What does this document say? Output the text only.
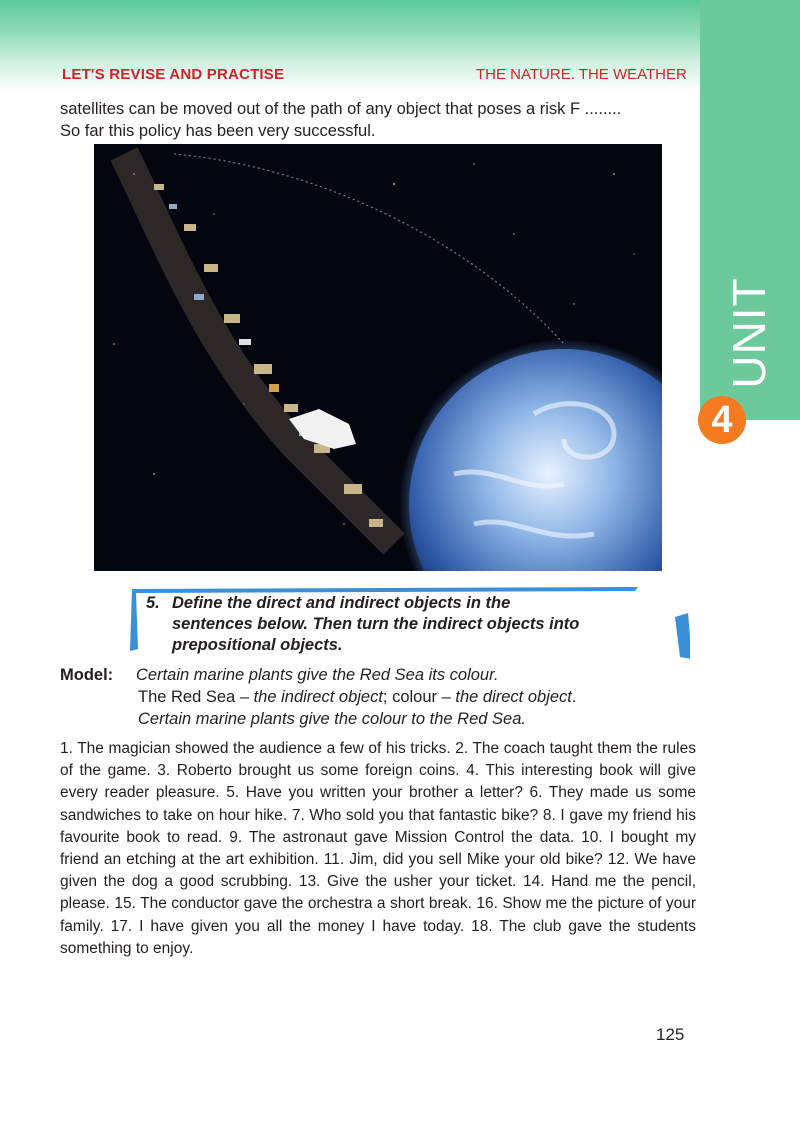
UNIT
4
LET'S REVISE AND PRACTISE	THE NATURE. THE WEATHER

satellites can be moved out of the path of any object that poses a risk F ........

So far this policy has been very successful.

5. Define the direct and indirect objects in the
sentences below. Then turn the indirect objects into
prepositional objects.
Model: Certain marine plants give the Red Sea its colour.
The Red Sea – the indirect object; colour – the direct object.
Certain marine plants give the colour to the Red Sea.

1. The magician showed the audience a few of his tricks. 2. The coach taught them the rules of the game. 3. Roberto brought us some foreign coins. 4. This interesting book will give every reader pleasure. 5. Have you written your brother a letter? 6. They made us some sandwiches to take on hour hike. 7. Who sold you that fantastic bike? 8. I gave my friend his favourite book to read. 9. The astronaut gave Mission Control the data. 10. I bought my friend an etching at the art exhibition. 11. Jim, did you sell Mike your old bike? 12. We have given the dog a good scrubbing. 13. Give the usher your ticket. 14. Hand me the pencil, please. 15. The conductor gave the orchestra a short break. 16. Show me the picture of your family. 17. I have given you all the money I have today. 18. The club gave the students something to enjoy.

125
